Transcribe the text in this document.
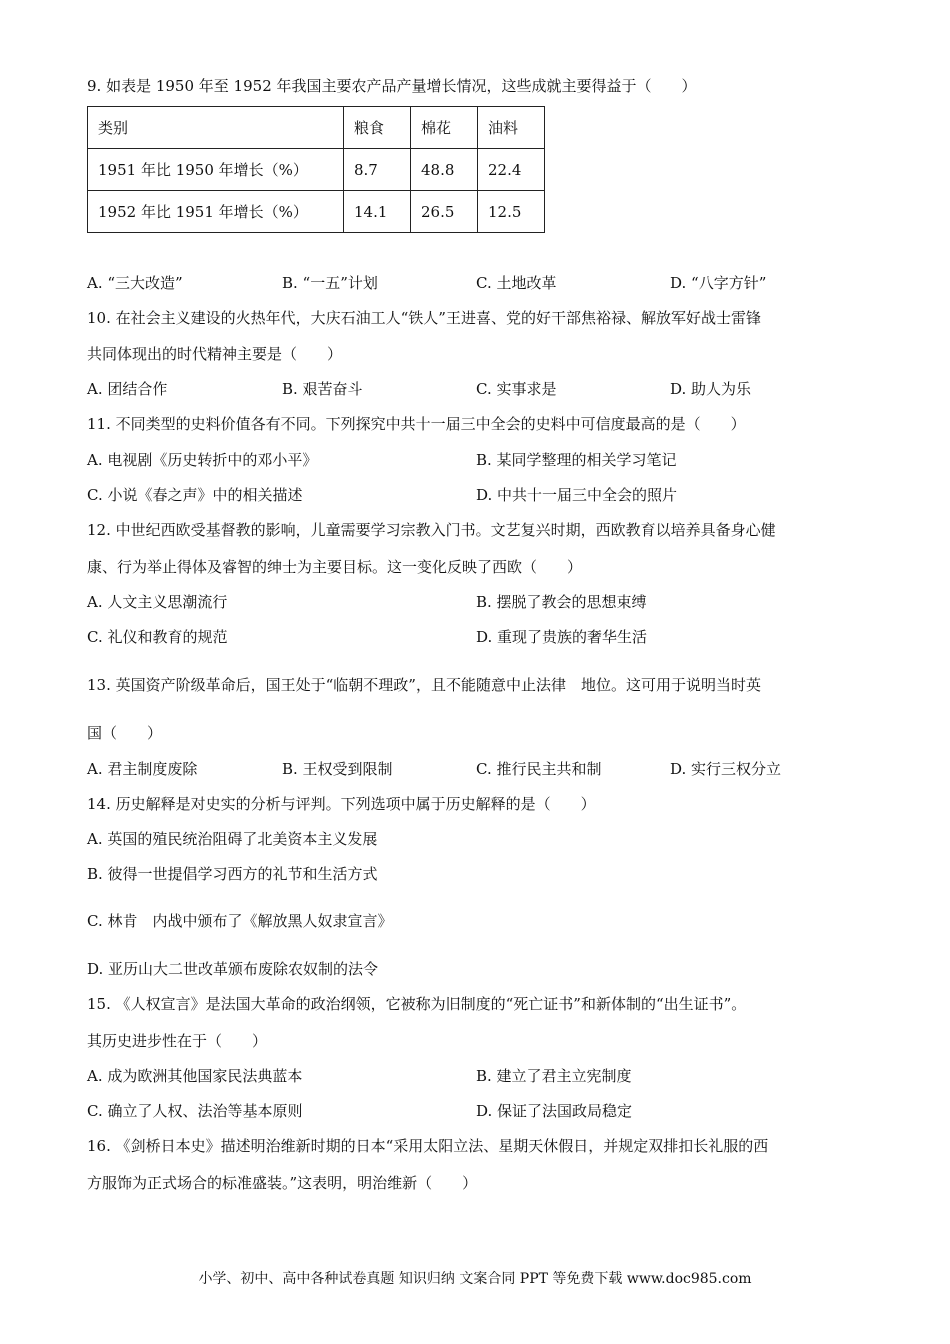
9. 如表是 1950 年至 1952 年我国主要农产品产量增长情况，这些成就主要得益于（　　）
类别	粮食	棉花	油料
1951 年比 1950 年增长（%）	8.7	48.8	22.4
1952 年比 1951 年增长（%）	14.1	26.5	12.5
A. “三大改造”	B. “一五”计划	C. 土地改革	D. “八字方针”
10. 在社会主义建设的火热年代，大庆石油工人“铁人”王进喜、党的好干部焦裕禄、解放军好战士雷锋
共同体现出的时代精神主要是（　　）
A. 团结合作	B. 艰苦奋斗	C. 实事求是	D. 助人为乐
11. 不同类型的史料价值各有不同。下列探究中共十一届三中全会的史料中可信度最高的是（　　）
A. 电视剧《历史转折中的邓小平》	B. 某同学整理的相关学习笔记
C. 小说《春之声》中的相关描述	D. 中共十一届三中全会的照片
12. 中世纪西欧受基督教的影响，儿童需要学习宗教入门书。文艺复兴时期，西欧教育以培养具备身心健
康、行为举止得体及睿智的绅士为主要目标。这一变化反映了西欧（　　）
A. 人文主义思潮流行	B. 摆脱了教会的思想束缚
C. 礼仪和教育的规范	D. 重现了贵族的奢华生活
13. 英国资产阶级革命后，国王处于“临朝不理政”，且不能随意中止法律　地位。这可用于说明当时英
国（　　）
A. 君主制度废除	B. 王权受到限制	C. 推行民主共和制	D. 实行三权分立
14. 历史解释是对史实的分析与评判。下列选项中属于历史解释的是（　　）
A. 英国的殖民统治阻碍了北美资本主义发展
B. 彼得一世提倡学习西方的礼节和生活方式
C. 林肯　内战中颁布了《解放黑人奴隶宣言》
D. 亚历山大二世改革颁布废除农奴制的法令
15. 《人权宣言》是法国大革命的政治纲领，它被称为旧制度的“死亡证书”和新体制的“出生证书”。
其历史进步性在于（　　）
A. 成为欧洲其他国家民法典蓝本	B. 建立了君主立宪制度
C. 确立了人权、法治等基本原则	D. 保证了法国政局稳定
16. 《剑桥日本史》描述明治维新时期的日本“采用太阳立法、星期天休假日，并规定双排扣长礼服的西
方服饰为正式场合的标准盛装。”这表明，明治维新（　　）
小学、初中、高中各种试卷真题 知识归纳 文案合同 PPT 等免费下载 www.doc985.com
